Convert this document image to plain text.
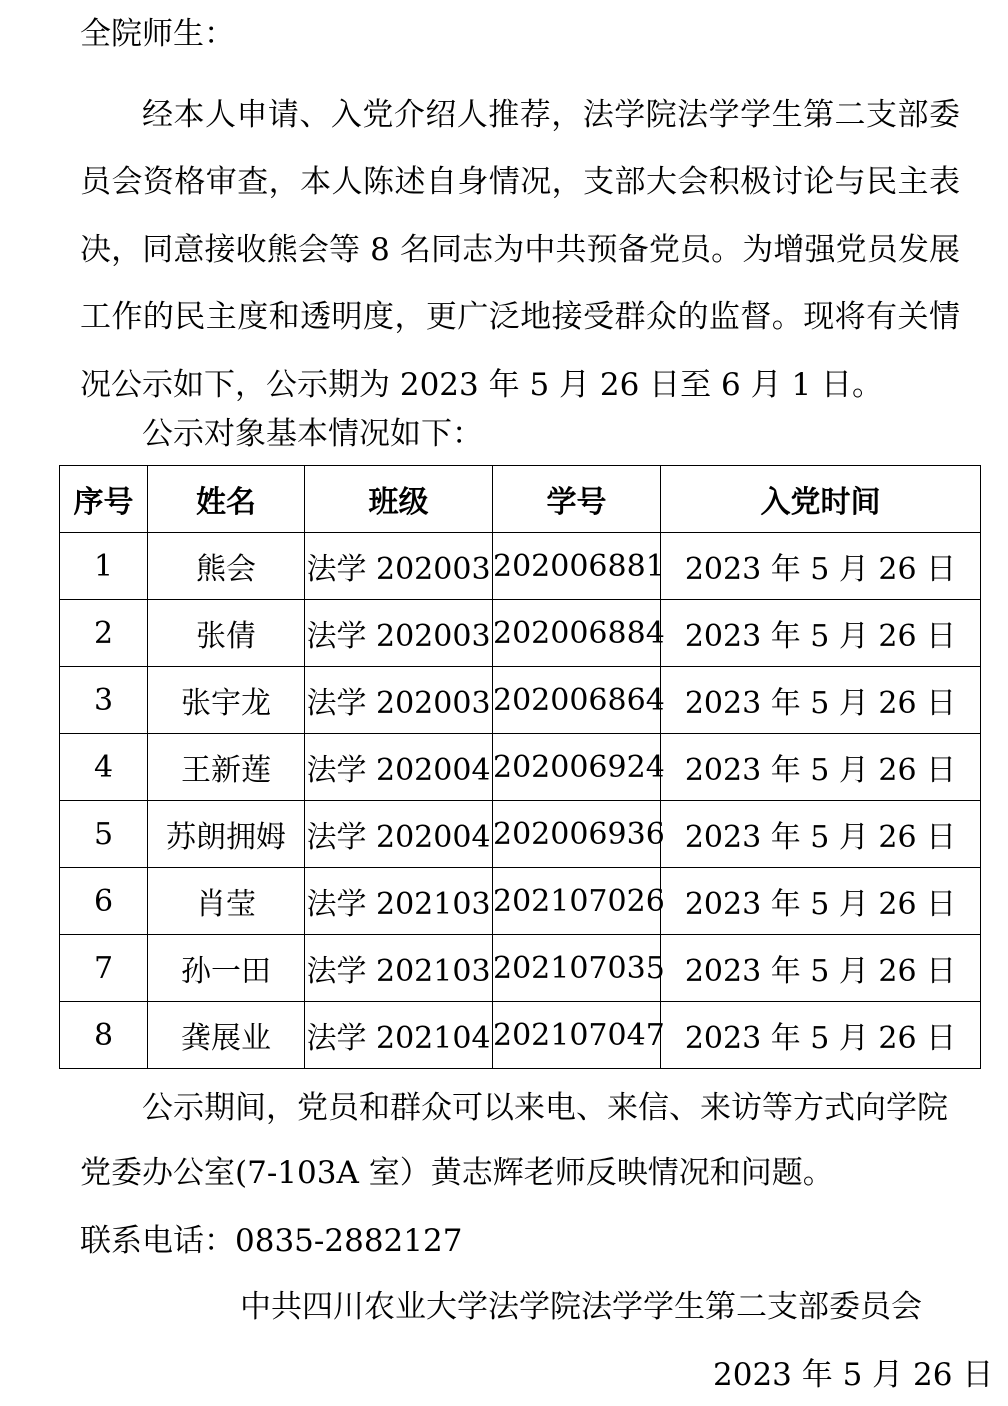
全院师生：

经本人申请、入党介绍人推荐，法学院法学学生第二支部委员会资格审查，本人陈述自身情况，支部大会积极讨论与民主表决，同意接收熊会等 8 名同志为中共预备党员。为增强党员发展工作的民主度和透明度，更广泛地接受群众的监督。现将有关情况公示如下，公示期为 2023 年 5 月 26 日至 6 月 1 日。

公示对象基本情况如下：
序号	姓名	班级	学号	入党时间
1	熊会	法学 202003	202006881	2023 年 5 月 26 日
2	张倩	法学 202003	202006884	2023 年 5 月 26 日
3	张宇龙	法学 202003	202006864	2023 年 5 月 26 日
4	王新莲	法学 202004	202006924	2023 年 5 月 26 日
5	苏朗拥姆	法学 202004	202006936	2023 年 5 月 26 日
6	肖莹	法学 202103	202107026	2023 年 5 月 26 日
7	孙一田	法学 202103	202107035	2023 年 5 月 26 日
8	龚展业	法学 202104	202107047	2023 年 5 月 26 日
公示期间，党员和群众可以来电、来信、来访等方式向学院
党委办公室(7-103A 室）黄志辉老师反映情况和问题。
联系电话：0835-2882127
中共四川农业大学法学院法学学生第二支部委员会
2023 年 5 月 26 日
